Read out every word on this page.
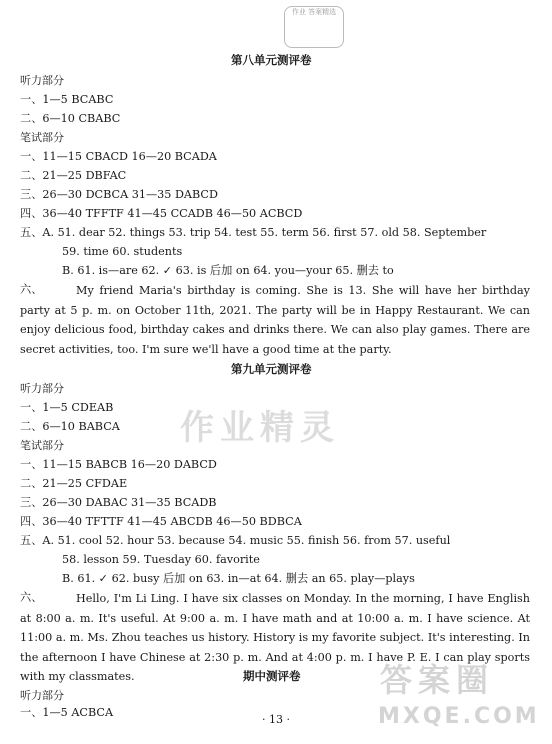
作业 答案精选
第八单元测评卷
听力部分
一、1—5 BCABC
二、6—10 CBABC
笔试部分
一、11—15 CBACD 16—20 BCADA
二、21—25 DBFAC
三、26—30 DCBCA 31—35 DABCD
四、36—40 TFFTF 41—45 CCADB 46—50 ACBCD
五、A. 51. dear 52. things 53. trip 54. test 55. term 56. first 57. old 58. September
59. time 60. students
B. 61. is—are 62. ✓ 63. is 后加 on 64. you—your 65. 删去 to
六、	My friend Maria's birthday is coming. She is 13. She will have her birthday party at 5 p. m. on October 11th, 2021. The party will be in Happy Restaurant. We can enjoy delicious food, birthday cakes and drinks there. We can also play games. There are secret activities, too. I'm sure we'll have a good time at the party.
第九单元测评卷
听力部分
一、1—5 CDEAB
二、6—10 BABCA
笔试部分
一、11—15 BABCB 16—20 DABCD
二、21—25 CFDAE
三、26—30 DABAC 31—35 BCADB
四、36—40 TFTTF 41—45 ABCDB 46—50 BDBCA
五、A. 51. cool 52. hour 53. because 54. music 55. finish 56. from 57. useful
58. lesson 59. Tuesday 60. favorite
B. 61. ✓ 62. busy 后加 on 63. in—at 64. 删去 an 65. play—plays
六、	Hello, I'm Li Ling. I have six classes on Monday. In the morning, I have English at 8:00 a. m. It's useful. At 9:00 a. m. I have math and at 10:00 a. m. I have science. At 11:00 a. m. Ms. Zhou teaches us history. History is my favorite subject. It's interesting. In the afternoon I have Chinese at 2:30 p. m. And at 4:00 p. m. I have P. E. I can play sports with my classmates.	期中测评卷
听力部分
一、1—5 ACBCA
· 13 ·
作业精灵
答案圈
MXQE.COM
